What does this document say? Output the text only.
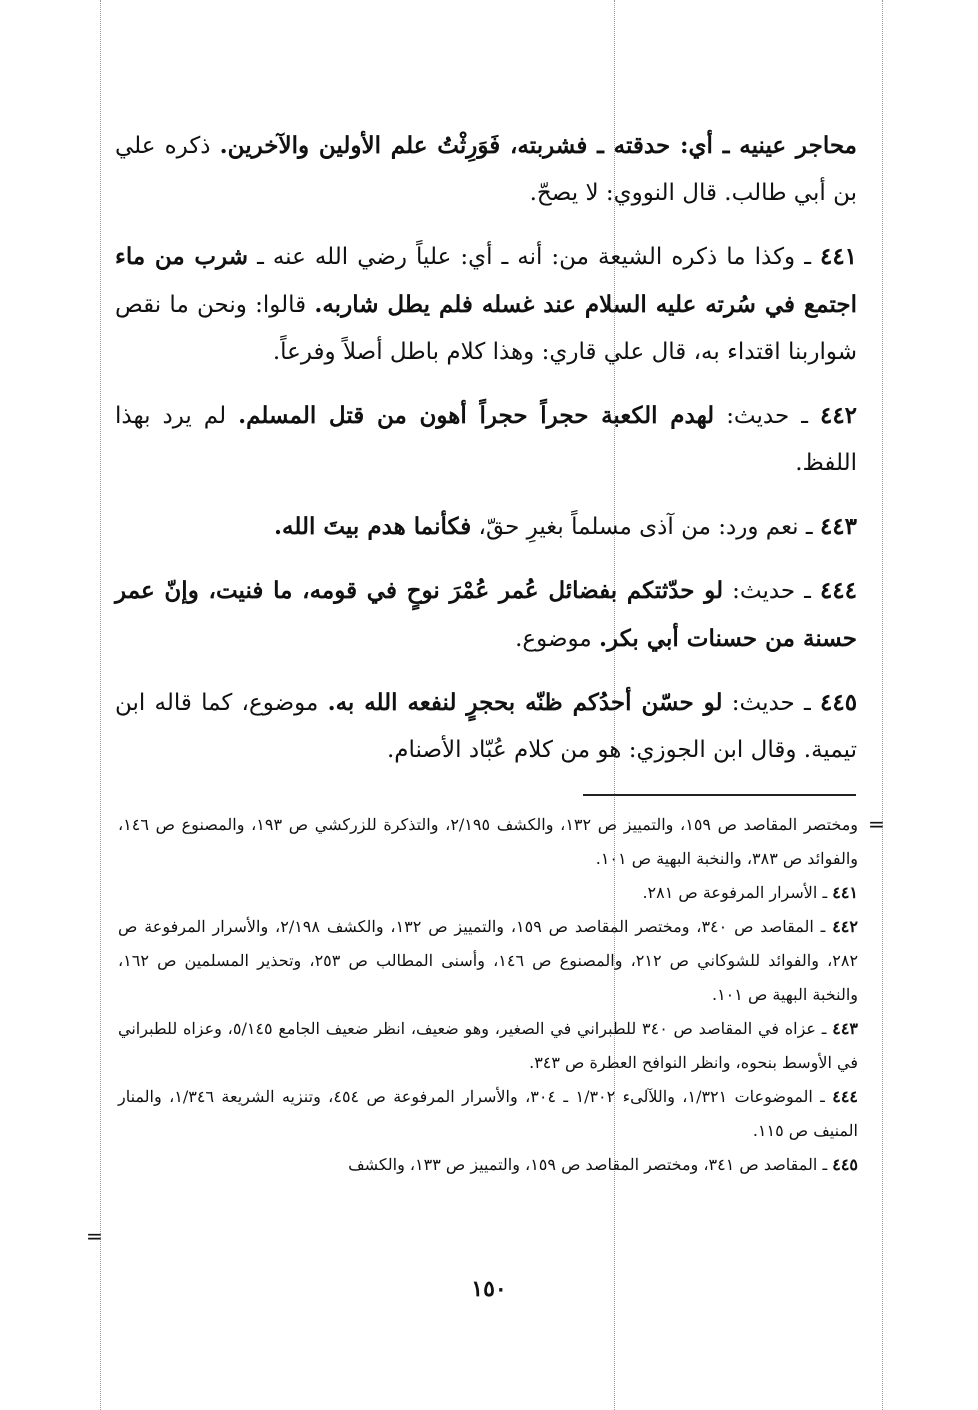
محاجر عينيه ـ أي: حدقته ـ فشربته، فَوَرِثْتُ علم الأولين والآخرين. ذكره علي بن أبي طالب. قال النووي: لا يصحّ.

٤٤١ ـ وكذا ما ذكره الشيعة من: أنه ـ أي: علياً رضي الله عنه ـ شرب من ماء اجتمع في سُرته عليه السلام عند غسله فلم يطل شاربه. قالوا: ونحن ما نقص شواربنا اقتداء به، قال علي قاري: وهذا كلام باطل أصلاً وفرعاً.

٤٤٢ ـ حديث: لهدم الكعبة حجراً حجراً أهون من قتل المسلم. لم يرد بهذا اللفظ.

٤٤٣ ـ نعم ورد: من آذى مسلماً بغيرِ حقّ، فكأنما هدم بيتَ الله.

٤٤٤ ـ حديث: لو حدّثتكم بفضائل عُمر عُمْرَ نوحٍ في قومه، ما فنيت، وإنّ عمر حسنة من حسنات أبي بكر. موضوع.

٤٤٥ ـ حديث: لو حسّن أحدُكم ظنّه بحجرٍ لنفعه الله به. موضوع، كما قاله ابن تيمية. وقال ابن الجوزي: هو من كلام عُبّاد الأصنام.

=

ومختصر المقاصد ص ١٥٩، والتمييز ص ١٣٢، والكشف ٢/١٩٥، والتذكرة للزركشي ص ١٩٣، والمصنوع ص ١٤٦، والفوائد ص ٣٨٣، والنخبة البهية ص ١٠١.

٤٤١ ـ الأسرار المرفوعة ص ٢٨١.

٤٤٢ ـ المقاصد ص ٣٤٠، ومختصر المقاصد ص ١٥٩، والتمييز ص ١٣٢، والكشف ٢/١٩٨، والأسرار المرفوعة ص ٢٨٢، والفوائد للشوكاني ص ٢١٢، والمصنوع ص ١٤٦، وأسنى المطالب ص ٢٥٣، وتحذير المسلمين ص ١٦٢، والنخبة البهية ص ١٠١.

٤٤٣ ـ عزاه في المقاصد ص ٣٤٠ للطبراني في الصغير، وهو ضعيف، انظر ضعيف الجامع ٥/١٤٥، وعزاه للطبراني في الأوسط بنحوه، وانظر النوافح العطرة ص ٣٤٣.

٤٤٤ ـ الموضوعات ١/٣٢١، واللآلىء ١/٣٠٢ ـ ٣٠٤، والأسرار المرفوعة ص ٤٥٤، وتنزيه الشريعة ١/٣٤٦، والمنار المنيف ص ١١٥.

٤٤٥ ـ المقاصد ص ٣٤١، ومختصر المقاصد ص ١٥٩، والتمييز ص ١٣٣، والكشف

=
١٥٠
